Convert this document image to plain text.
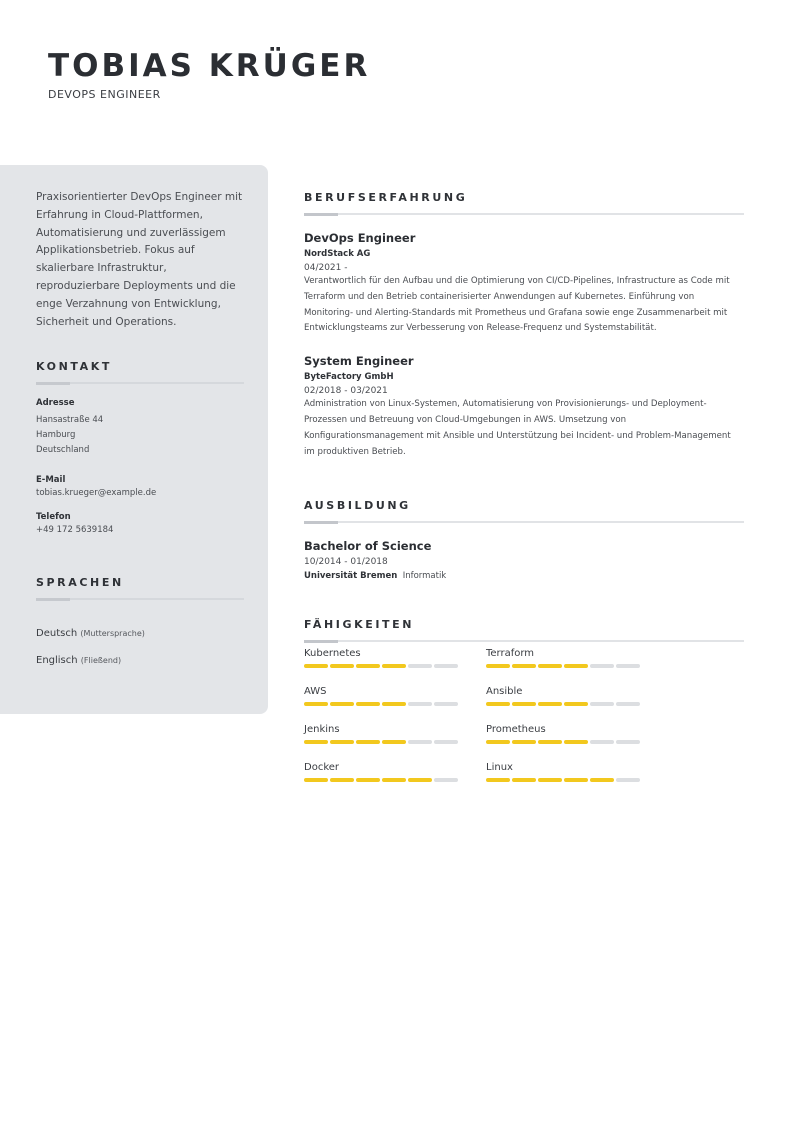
TOBIAS KRÜGER
DEVOPS ENGINEER

Praxisorientierter DevOps Engineer mit Erfahrung in Cloud-Plattformen, Automatisierung und zuverlässigem Applikationsbetrieb. Fokus auf skalierbare Infrastruktur, reproduzierbare Deployments und die enge Verzahnung von Entwicklung, Sicherheit und Operations.

KONTAKT
Adresse
Hansastraße 44
Hamburg
Deutschland
E-Mail
tobias.krueger@example.de
Telefon
+49 172 5639184
SPRACHEN
Deutsch (Muttersprache)
Englisch (Fließend)
BERUFSERFAHRUNG
DevOps Engineer
NordStack AG
04/2021 -

Verantwortlich für den Aufbau und die Optimierung von CI/CD-Pipelines, Infrastructure as Code mit Terraform und den Betrieb containerisierter Anwendungen auf Kubernetes. Einführung von Monitoring- und Alerting-Standards mit Prometheus und Grafana sowie enge Zusammenarbeit mit Entwicklungsteams zur Verbesserung von Release-Frequenz und Systemstabilität.

System Engineer
ByteFactory GmbH
02/2018 - 03/2021

Administration von Linux-Systemen, Automatisierung von Provisionierungs- und Deployment-Prozessen und Betreuung von Cloud-Umgebungen in AWS. Umsetzung von Konfigurationsmanagement mit Ansible und Unterstützung bei Incident- und Problem-Management im produktiven Betrieb.

AUSBILDUNG
Bachelor of Science
10/2014 - 01/2018
Universität Bremen Informatik
FÄHIGKEITEN
Kubernetes	Terraform
AWS	Ansible
Jenkins	Prometheus
Docker	Linux
